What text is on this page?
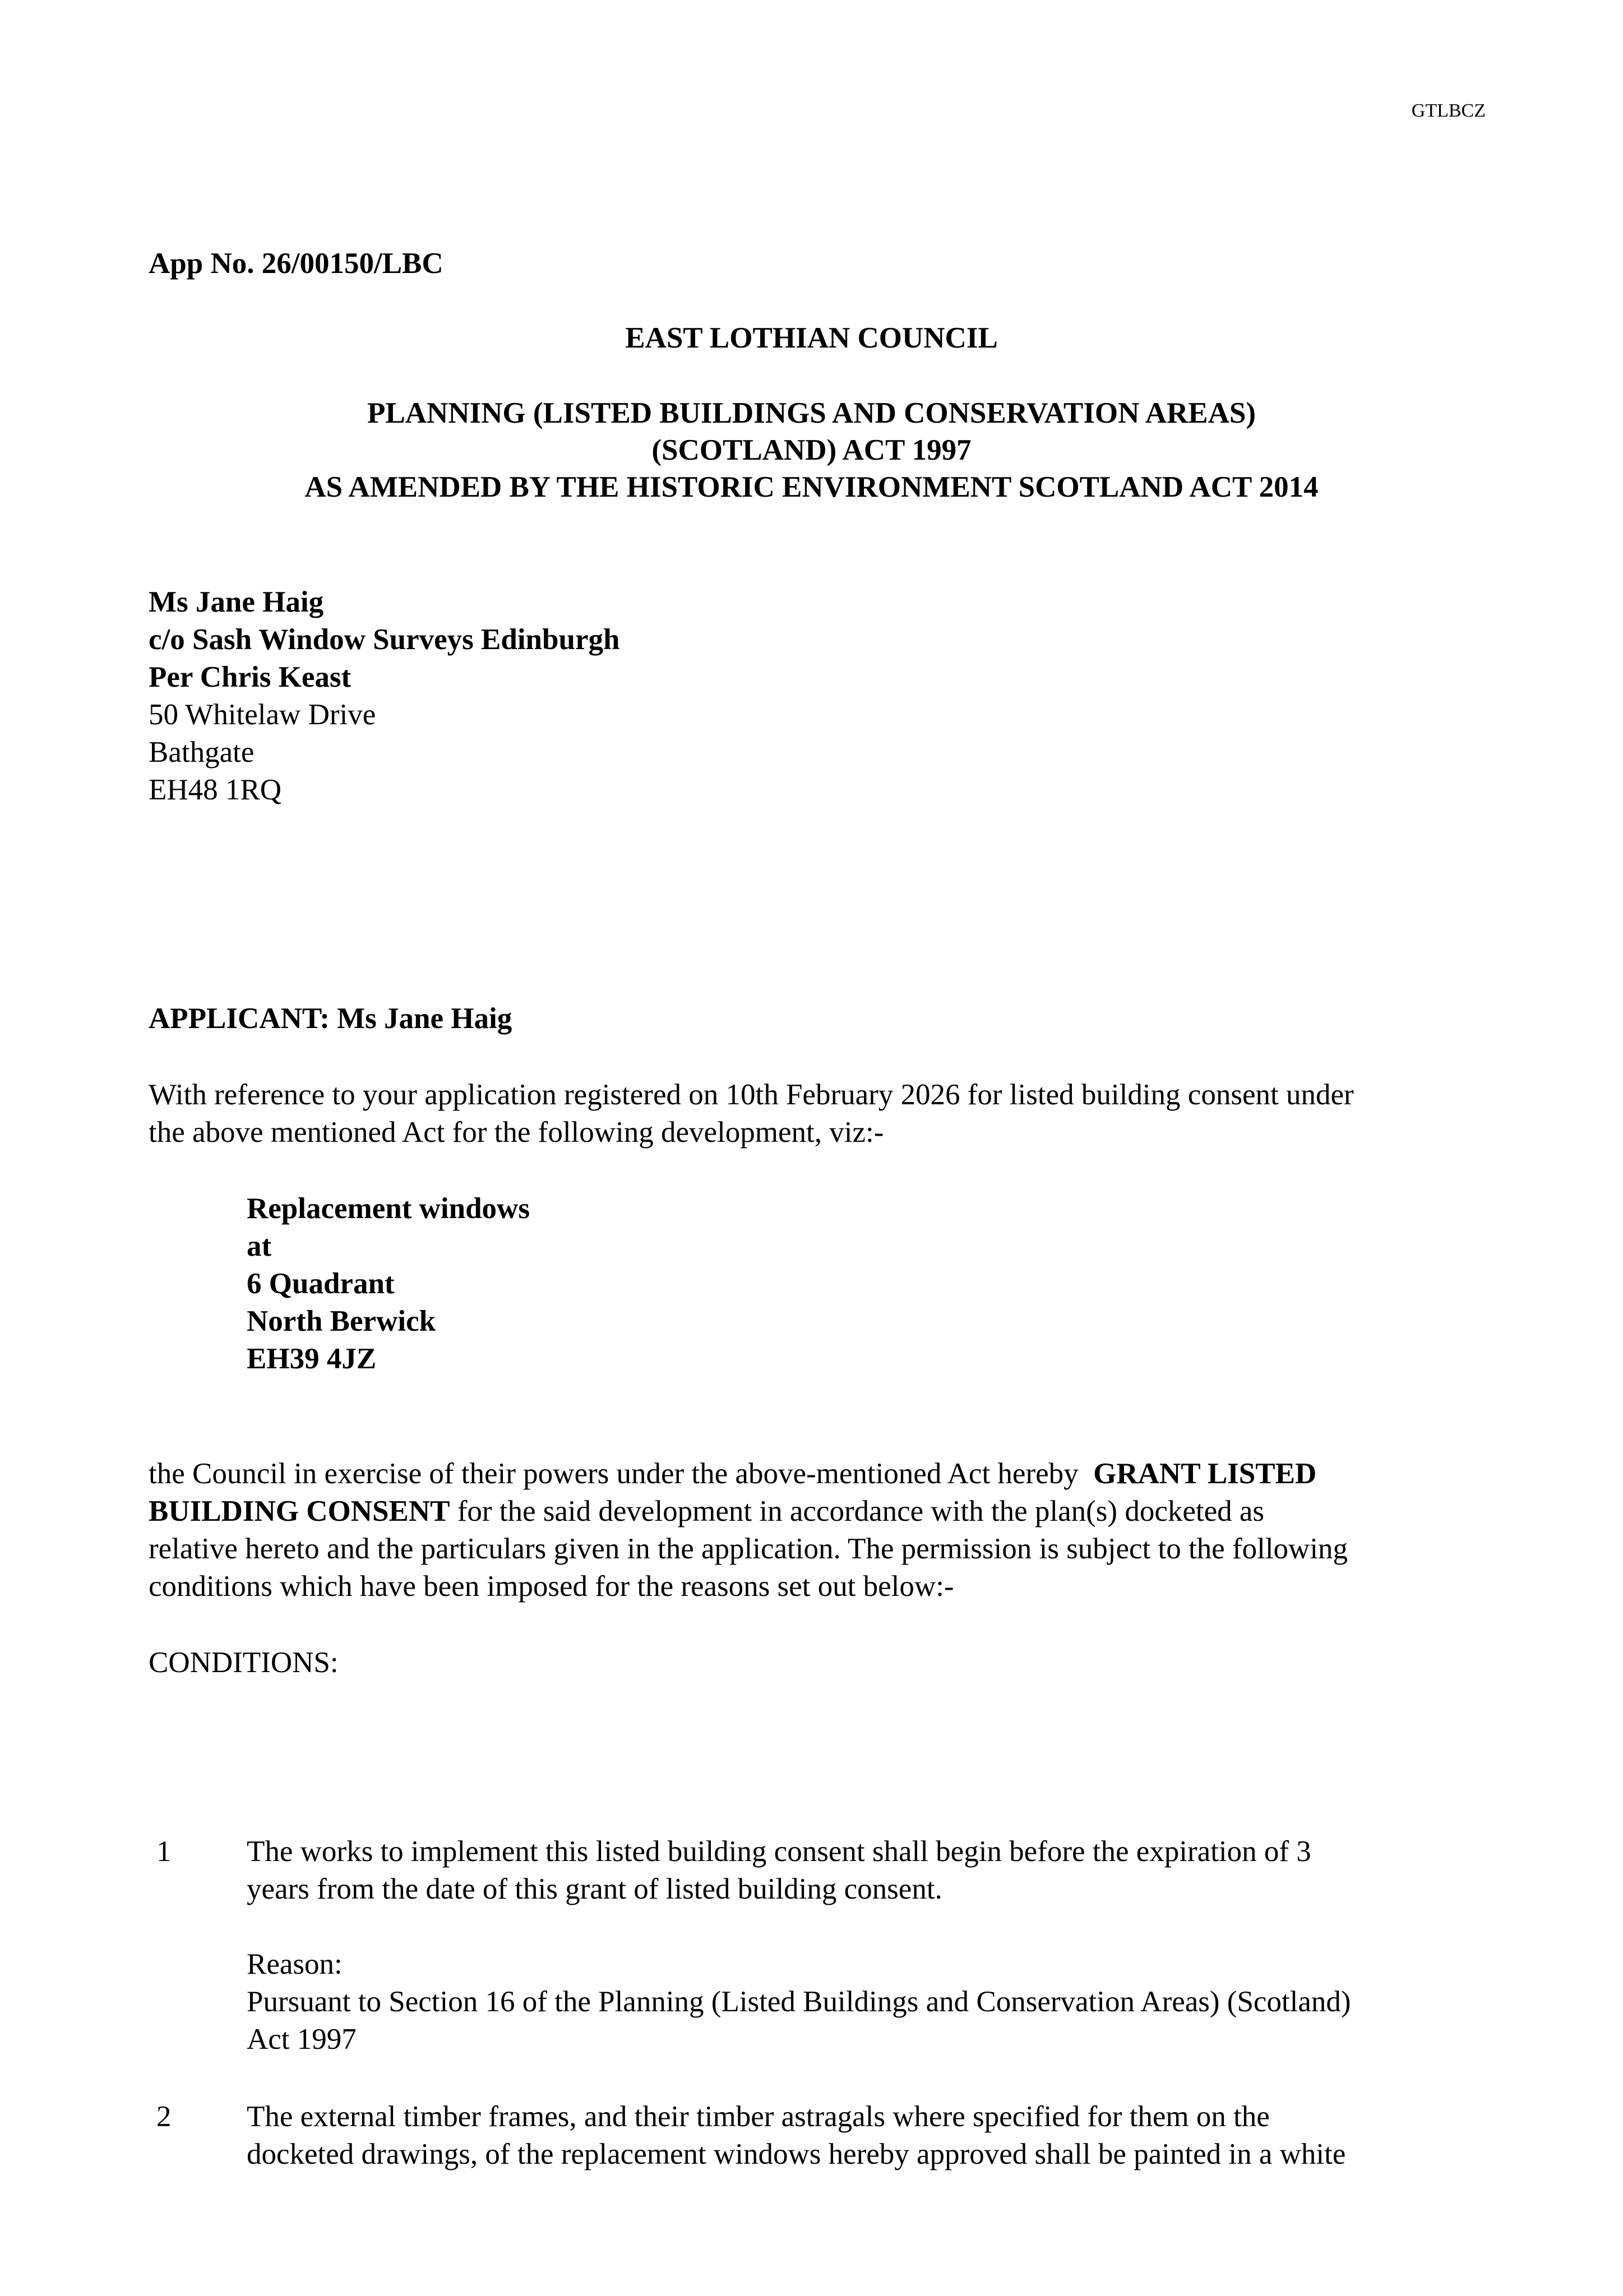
GTLBCZ
App No. 26/00150/LBC
EAST LOTHIAN COUNCIL
PLANNING (LISTED BUILDINGS AND CONSERVATION AREAS)
(SCOTLAND) ACT 1997
AS AMENDED BY THE HISTORIC ENVIRONMENT SCOTLAND ACT 2014
Ms Jane Haig
c/o Sash Window Surveys Edinburgh
Per Chris Keast
50 Whitelaw Drive
Bathgate
EH48 1RQ
APPLICANT: Ms Jane Haig
With reference to your application registered on 10th February 2026 for listed building consent under
the above mentioned Act for the following development, viz:-
Replacement windows
at
6 Quadrant
North Berwick
EH39 4JZ
the Council in exercise of their powers under the above-mentioned Act hereby  GRANT LISTED
BUILDING CONSENT for the said development in accordance with the plan(s) docketed as
relative hereto and the particulars given in the application. The permission is subject to the following
conditions which have been imposed for the reasons set out below:-
CONDITIONS:
1	The works to implement this listed building consent shall begin before the expiration of 3
years from the date of this grant of listed building consent.
Reason:
Pursuant to Section 16 of the Planning (Listed Buildings and Conservation Areas) (Scotland)
Act 1997
2	The external timber frames, and their timber astragals where specified for them on the
docketed drawings, of the replacement windows hereby approved shall be painted in a white
